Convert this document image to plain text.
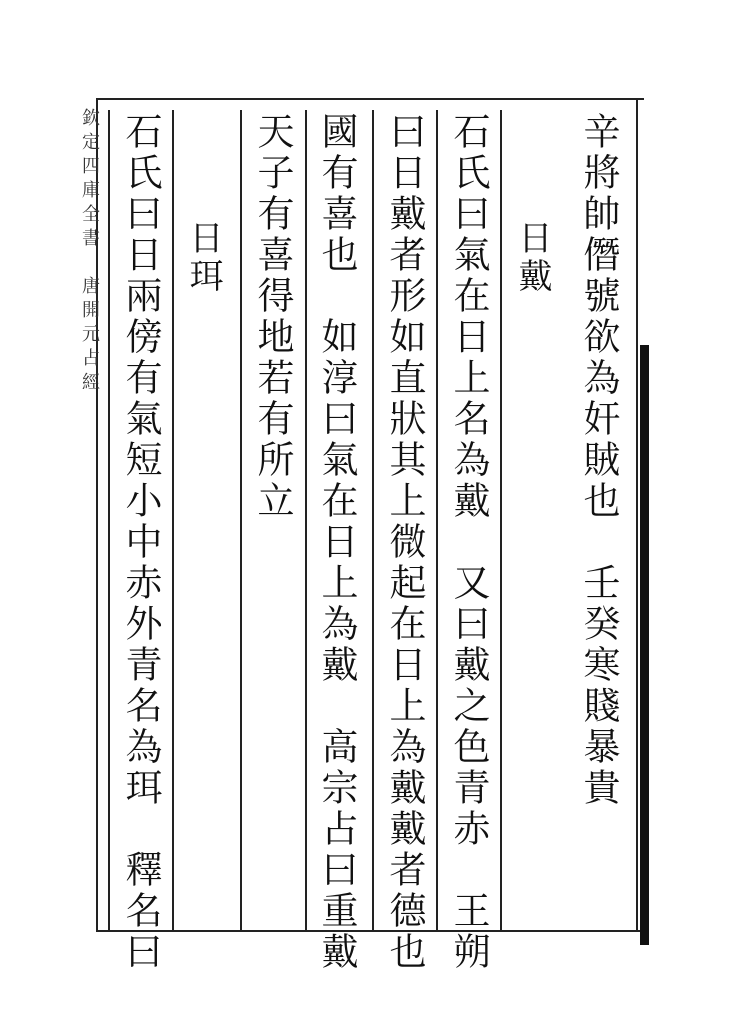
辛將帥僭號欲為奸賊也　壬癸寒賤暴貴
日戴
石氏曰氣在日上名為戴　又曰戴之色青赤　王朔
曰日戴者形如直狀其上微起在日上為戴戴者德也
國有喜也　如淳曰氣在日上為戴　高宗占曰重戴
天子有喜得地若有所立
日珥
石氏曰日兩傍有氣短小中赤外青名為珥　釋名曰
欽定四庫全書　唐開元占經
